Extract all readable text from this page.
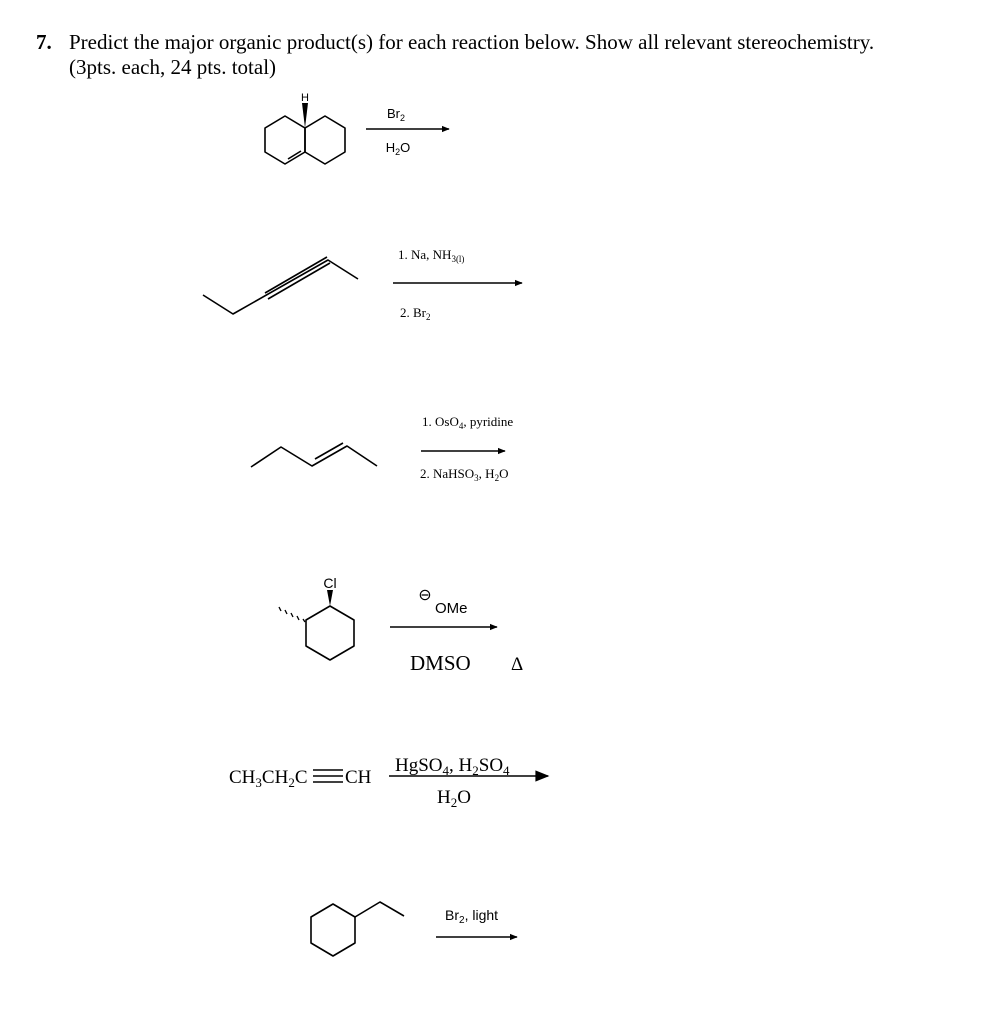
7. Predict the major organic product(s) for each reaction below. Show all relevant stereochemistry.
(3pts. each, 24 pts. total)
H
$Br_2$
$H_2O$
1. Na, $NH_{3(l)}$
2. $Br_2$
1. OsO$_4$, pyridine
2. NaHSO$_3$, $H_2O$
Cl
⊖
OMe
DMSO Δ
$CH_3CH_2C$ CH
HgSO$_4$, $H_2SO_4$
$H_2O$
$Br_2$, light
